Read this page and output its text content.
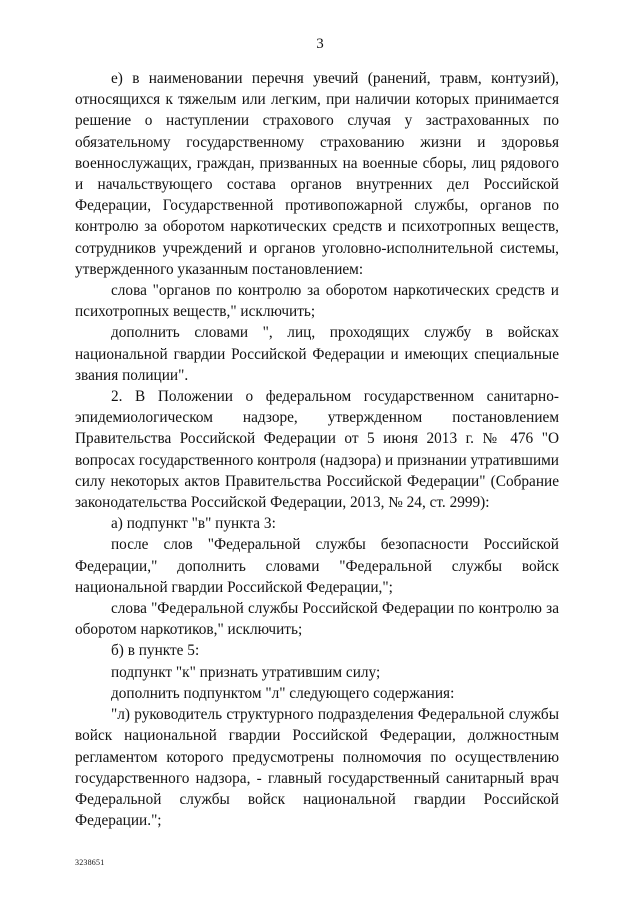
3

е) в наименовании перечня увечий (ранений, травм, контузий), относящихся к тяжелым или легким, при наличии которых принимается решение о наступлении страхового случая у застрахованных по обязательному государственному страхованию жизни и здоровья военнослужащих, граждан, призванных на военные сборы, лиц рядового и начальствующего состава органов внутренних дел Российской Федерации, Государственной противопожарной службы, органов по контролю за оборотом наркотических средств и психотропных веществ, сотрудников учреждений и органов уголовно-исполнительной системы, утвержденного указанным постановлением:

слова "органов по контролю за оборотом наркотических средств и психотропных веществ," исключить;

дополнить словами ", лиц, проходящих службу в войсках национальной гвардии Российской Федерации и имеющих специальные звания полиции".

2. В Положении о федеральном государственном санитарно-эпидемиологическом надзоре, утвержденном постановлением Правительства Российской Федерации от 5 июня 2013 г. № 476 "О вопросах государственного контроля (надзора) и признании утратившими силу некоторых актов Правительства Российской Федерации" (Собрание законодательства Российской Федерации, 2013, № 24, ст. 2999):

а) подпункт "в" пункта 3:

после слов "Федеральной службы безопасности Российской Федерации," дополнить словами "Федеральной службы войск национальной гвардии Российской Федерации,";

слова "Федеральной службы Российской Федерации по контролю за оборотом наркотиков," исключить;

б) в пункте 5:

подпункт "к" признать утратившим силу;

дополнить подпунктом "л" следующего содержания:

"л) руководитель структурного подразделения Федеральной службы войск национальной гвардии Российской Федерации, должностным регламентом которого предусмотрены полномочия по осуществлению государственного надзора, - главный государственный санитарный врач Федеральной службы войск национальной гвардии Российской Федерации.";

3238651
